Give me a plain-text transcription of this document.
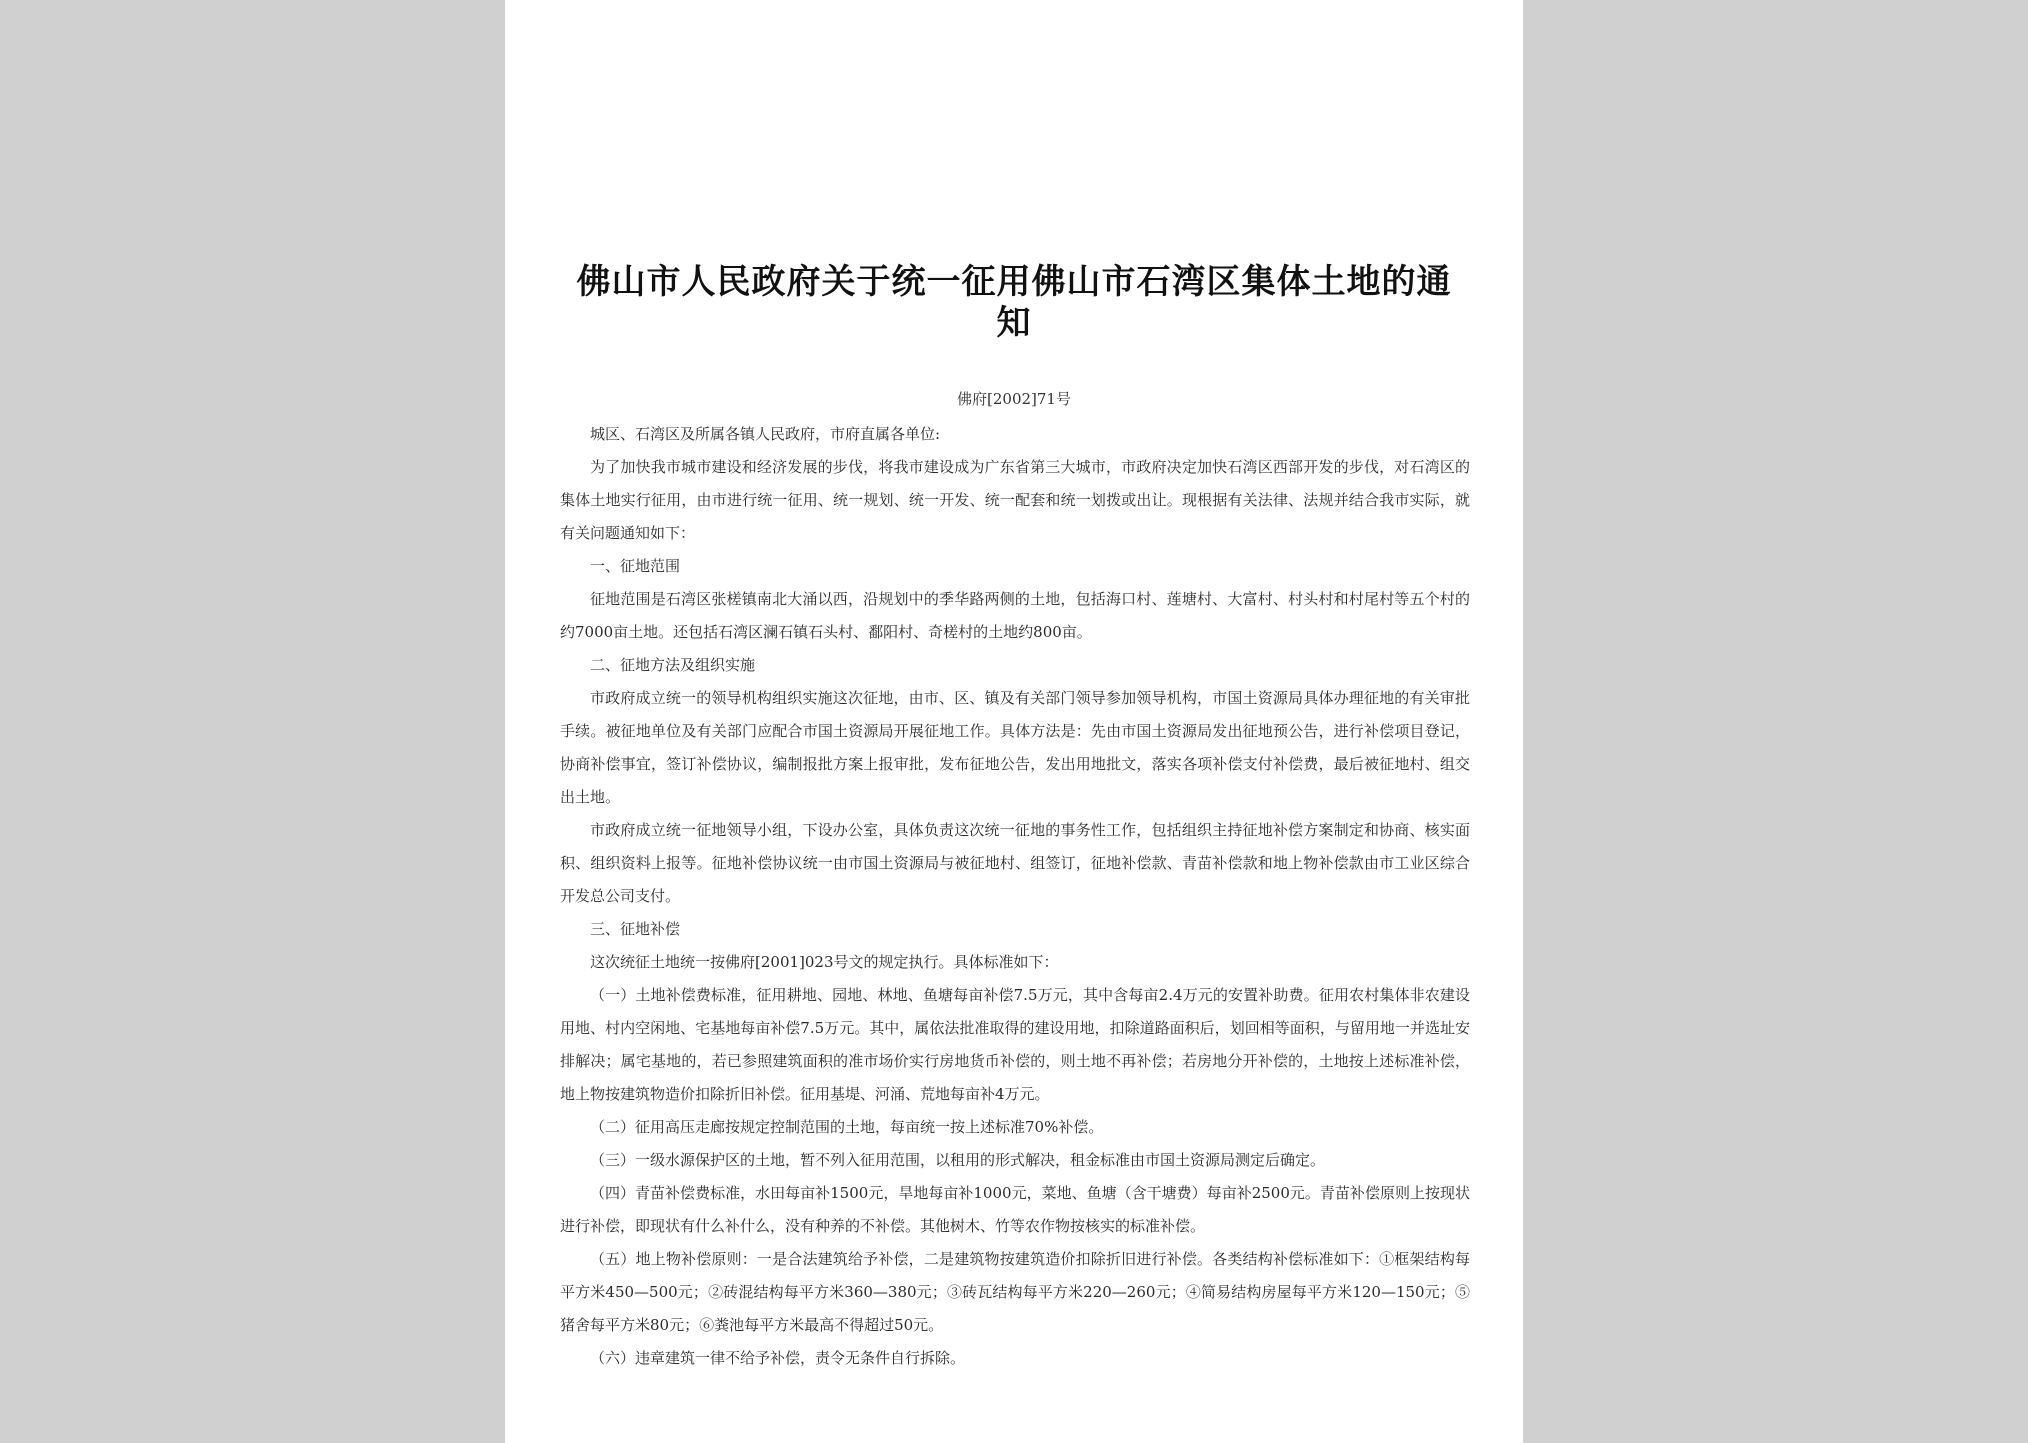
佛山市人民政府关于统一征用佛山市石湾区集体土地的通知
佛府[2002]71号

城区、石湾区及所属各镇人民政府，市府直属各单位:

为了加快我市城市建设和经济发展的步伐，将我市建设成为广东省第三大城市，市政府决定加快石湾区西部开发的步伐，对石湾区的集体土地实行征用，由市进行统一征用、统一规划、统一开发、统一配套和统一划拨或出让。现根据有关法律、法规并结合我市实际，就有关问题通知如下：

一、征地范围

征地范围是石湾区张槎镇南北大涌以西，沿规划中的季华路两侧的土地，包括海口村、莲塘村、大富村、村头村和村尾村等五个村的约7000亩土地。还包括石湾区澜石镇石头村、鄱阳村、奇槎村的土地约800亩。

二、征地方法及组织实施

市政府成立统一的领导机构组织实施这次征地，由市、区、镇及有关部门领导参加领导机构，市国土资源局具体办理征地的有关审批手续。被征地单位及有关部门应配合市国土资源局开展征地工作。具体方法是：先由市国土资源局发出征地预公告，进行补偿项目登记，协商补偿事宜，签订补偿协议，编制报批方案上报审批，发布征地公告，发出用地批文，落实各项补偿支付补偿费，最后被征地村、组交出土地。

市政府成立统一征地领导小组，下设办公室，具体负责这次统一征地的事务性工作，包括组织主持征地补偿方案制定和协商、核实面积、组织资料上报等。征地补偿协议统一由市国土资源局与被征地村、组签订，征地补偿款、青苗补偿款和地上物补偿款由市工业区综合开发总公司支付。

三、征地补偿

这次统征土地统一按佛府[2001]023号文的规定执行。具体标准如下：

（一）土地补偿费标准，征用耕地、园地、林地、鱼塘每亩补偿7.5万元，其中含每亩2.4万元的安置补助费。征用农村集体非农建设用地、村内空闲地、宅基地每亩补偿7.5万元。其中，属依法批准取得的建设用地，扣除道路面积后，划回相等面积，与留用地一并选址安排解决；属宅基地的，若已参照建筑面积的准市场价实行房地货币补偿的，则土地不再补偿；若房地分开补偿的，土地按上述标准补偿，地上物按建筑物造价扣除折旧补偿。征用基堤、河涌、荒地每亩补4万元。

（二）征用高压走廊按规定控制范围的土地，每亩统一按上述标准70%补偿。

（三）一级水源保护区的土地，暂不列入征用范围，以租用的形式解决，租金标准由市国土资源局测定后确定。

（四）青苗补偿费标准，水田每亩补1500元，旱地每亩补1000元，菜地、鱼塘（含干塘费）每亩补2500元。青苗补偿原则上按现状进行补偿，即现状有什么补什么，没有种养的不补偿。其他树木、竹等农作物按核实的标准补偿。

（五）地上物补偿原则：一是合法建筑给予补偿，二是建筑物按建筑造价扣除折旧进行补偿。各类结构补偿标准如下：①框架结构每平方米450—500元；②砖混结构每平方米360—380元；③砖瓦结构每平方米220—260元；④简易结构房屋每平方米120—150元；⑤猪舍每平方米80元；⑥粪池每平方米最高不得超过50元。

（六）违章建筑一律不给予补偿，责令无条件自行拆除。
